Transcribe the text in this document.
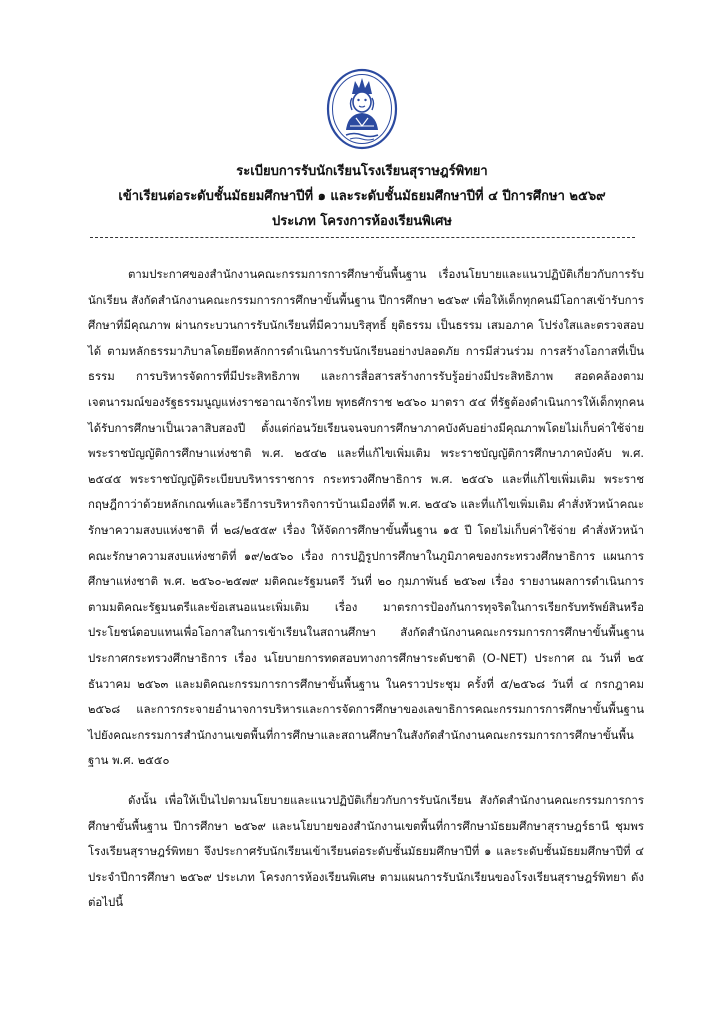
ระเบียบการรับนักเรียนโรงเรียนสุราษฎร์พิทยา
เข้าเรียนต่อระดับชั้นมัธยมศึกษาปีที่ ๑ และระดับชั้นมัธยมศึกษาปีที่ ๔ ปีการศึกษา ๒๕๖๙
ประเภท โครงการห้องเรียนพิเศษ

ตามประกาศของสำนักงานคณะกรรมการการศึกษาขั้นพื้นฐาน เรื่องนโยบายและแนวปฏิบัติเกี่ยวกับการรับนักเรียน สังกัดสำนักงานคณะกรรมการการศึกษาขั้นพื้นฐาน ปีการศึกษา ๒๕๖๙ เพื่อให้เด็กทุกคนมีโอกาสเข้ารับการศึกษาที่มีคุณภาพ ผ่านกระบวนการรับนักเรียนที่มีความบริสุทธิ์ ยุติธรรม เป็นธรรม เสมอภาค โปร่งใสและตรวจสอบได้ ตามหลักธรรมาภิบาลโดยยึดหลักการดำเนินการรับนักเรียนอย่างปลอดภัย การมีส่วนร่วม การสร้างโอกาสที่เป็นธรรม การบริหารจัดการที่มีประสิทธิภาพ และการสื่อสารสร้างการรับรู้อย่างมีประสิทธิภาพ สอดคล้องตามเจตนารมณ์ของรัฐธรรมนูญแห่งราชอาณาจักรไทย พุทธศักราช ๒๕๖๐ มาตรา ๕๔ ที่รัฐต้องดำเนินการให้เด็กทุกคนได้รับการศึกษาเป็นเวลาสิบสองปี ตั้งแต่ก่อนวัยเรียนจนจบการศึกษาภาคบังคับอย่างมีคุณภาพโดยไม่เก็บค่าใช้จ่าย พระราชบัญญัติการศึกษาแห่งชาติ พ.ศ. ๒๕๔๒ และที่แก้ไขเพิ่มเติม พระราชบัญญัติการศึกษาภาคบังคับ พ.ศ. ๒๕๔๕ พระราชบัญญัติระเบียบบริหารราชการ กระทรวงศึกษาธิการ พ.ศ. ๒๕๔๖ และที่แก้ไขเพิ่มเติม พระราชกฤษฎีกาว่าด้วยหลักเกณฑ์และวิธีการบริหารกิจการบ้านเมืองที่ดี พ.ศ. ๒๕๔๖ และที่แก้ไขเพิ่มเติม คำสั่งหัวหน้าคณะรักษาความสงบแห่งชาติ ที่ ๒๘/๒๕๕๙ เรื่อง ให้จัดการศึกษาขั้นพื้นฐาน ๑๕ ปี โดยไม่เก็บค่าใช้จ่าย คำสั่งหัวหน้าคณะรักษาความสงบแห่งชาติที่ ๑๙/๒๕๖๐ เรื่อง การปฏิรูปการศึกษาในภูมิภาคของกระทรวงศึกษาธิการ แผนการศึกษาแห่งชาติ พ.ศ. ๒๕๖๐-๒๕๗๙ มติคณะรัฐมนตรี วันที่ ๒๐ กุมภาพันธ์ ๒๕๖๗ เรื่อง รายงานผลการดำเนินการตามมติคณะรัฐมนตรีและข้อเสนอแนะเพิ่มเติม เรื่อง มาตรการป้องกันการทุจริตในการเรียกรับทรัพย์สินหรือประโยชน์ตอบแทนเพื่อโอกาสในการเข้าเรียนในสถานศึกษา สังกัดสำนักงานคณะกรรมการการศึกษาขั้นพื้นฐาน ประกาศกระทรวงศึกษาธิการ เรื่อง นโยบายการทดสอบทางการศึกษาระดับชาติ (O-NET) ประกาศ ณ วันที่ ๒๕ ธันวาคม ๒๕๖๓ และมติคณะกรรมการการศึกษาขั้นพื้นฐาน ในคราวประชุม ครั้งที่ ๕/๒๕๖๘ วันที่ ๔ กรกฎาคม ๒๕๖๘ และการกระจายอำนาจการบริหารและการจัดการศึกษาของเลขาธิการคณะกรรมการการศึกษาขั้นพื้นฐานไปยังคณะกรรมการสำนักงานเขตพื้นที่การศึกษาและสถานศึกษาในสังกัดสำนักงานคณะกรรมการการศึกษาขั้นพื้นฐาน พ.ศ. ๒๕๕๐

ดังนั้น เพื่อให้เป็นไปตามนโยบายและแนวปฏิบัติเกี่ยวกับการรับนักเรียน สังกัดสำนักงานคณะกรรมการการศึกษาขั้นพื้นฐาน ปีการศึกษา ๒๕๖๙ และนโยบายของสำนักงานเขตพื้นที่การศึกษามัธยมศึกษาสุราษฎร์ธานี ชุมพร โรงเรียนสุราษฎร์พิทยา จึงประกาศรับนักเรียนเข้าเรียนต่อระดับชั้นมัธยมศึกษาปีที่ ๑ และระดับชั้นมัธยมศึกษาปีที่ ๔ ประจำปีการศึกษา ๒๕๖๙ ประเภท โครงการห้องเรียนพิเศษ ตามแผนการรับนักเรียนของโรงเรียนสุราษฎร์พิทยา ดังต่อไปนี้
